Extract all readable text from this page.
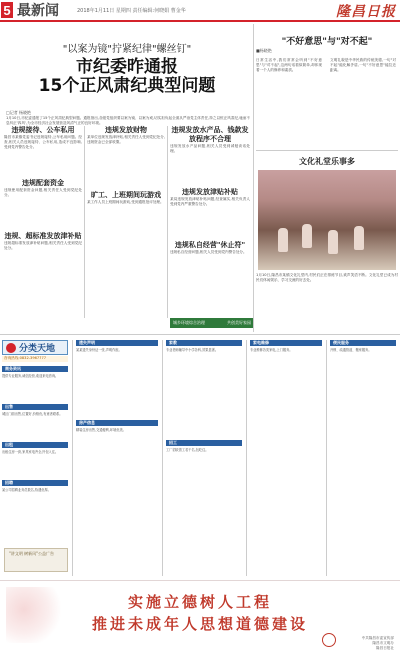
5 最新闻	2018年1月11日 星期四 责任编辑:何晓娟 曹金华	隆昌日报
"以案为镜"拧紧纪律"螺丝钉"
市纪委昨通报
15个正风肃纪典型问题
□记者 杨晓艳
1月10日,市纪委通报了15个正风肃纪典型问题。通报指出,各级党组织要以案为镜、以案为戒,切实担负起全面从严治党主体责任,持之以恒正风肃纪,驰而不息纠正'四风',为全市经济社会发展营造风清气正的良好环境。
违规接待、公车私用
隆昌市某镇党委书记违规接待,公车私用问题。经查,相关人员违规接待、公车私用,造成不良影响,受到党内警告处分。
违规配套资金
违规使用配套资金问题,相关责任人受到党纪处分。
违规、超标准发放津补贴
违规超标准发放津补贴问题,相关责任人受到党纪处分。
违规发放财物
某单位违规发放津补贴,相关责任人受到党纪处分,违规资金已全部收缴。
旷工、上班期间玩游戏
某工作人员上班期间玩游戏,受到通报批评处理。
违规发放水产品、钱款发放程序不合理
违规发放水产品问题,相关人员受到诫勉谈话处理。
违规发放津贴补贴
某局违规发放津贴补贴问题,经查属实,相关负责人受到党内严重警告处分。
违规私自经营"休止符"
违规私自经营问题,相关人员受到党内警告处分。
城乡环境综合治理	共创美好家园
"不好意思"与"对不起"
■杨晓艳
日常生活中,我们常常会听到"不好意思"与"对不起",这两句话看似简单,却体现着一个人的修养和素质。
文明礼貌是中华民族的传统美德,一句"对不起"能化解矛盾,一句"不好意思"能拉近距离。
文化礼堂乐事多
1月10日,隆昌市某镇文化礼堂内,村民们正在排练节目,欢声笑语不断。文化礼堂已成为村民们休闲娱乐、学习交流的好去处。
分类天地
咨询热线:0832-3967777
商务资讯
提供专业服务,诚信经营,欢迎来电咨询。
出售
城区门面出售,位置好,价格优,有意者联系。
出租
出租住房一套,家具家电齐全,拎包入住。
招聘
某公司招聘业务员数名,待遇优厚。
"讲文明 树新风"公益广告
遗失声明
某某遗失身份证一张,声明作废。
房产信息
精装住房出售,交通便利,环境优美。
家教
专业老师辅导中小学各科,效果显著。
招工
工厂招收普工若干名,包吃住。
家电维修
专业维修各类家电,上门服务。
便民服务
开锁、疏通管道、搬家服务。
实施立德树人工程
推进未成年人思想道德建设
中共隆昌市委宣传部
隆昌市文明办
隆昌日报社
